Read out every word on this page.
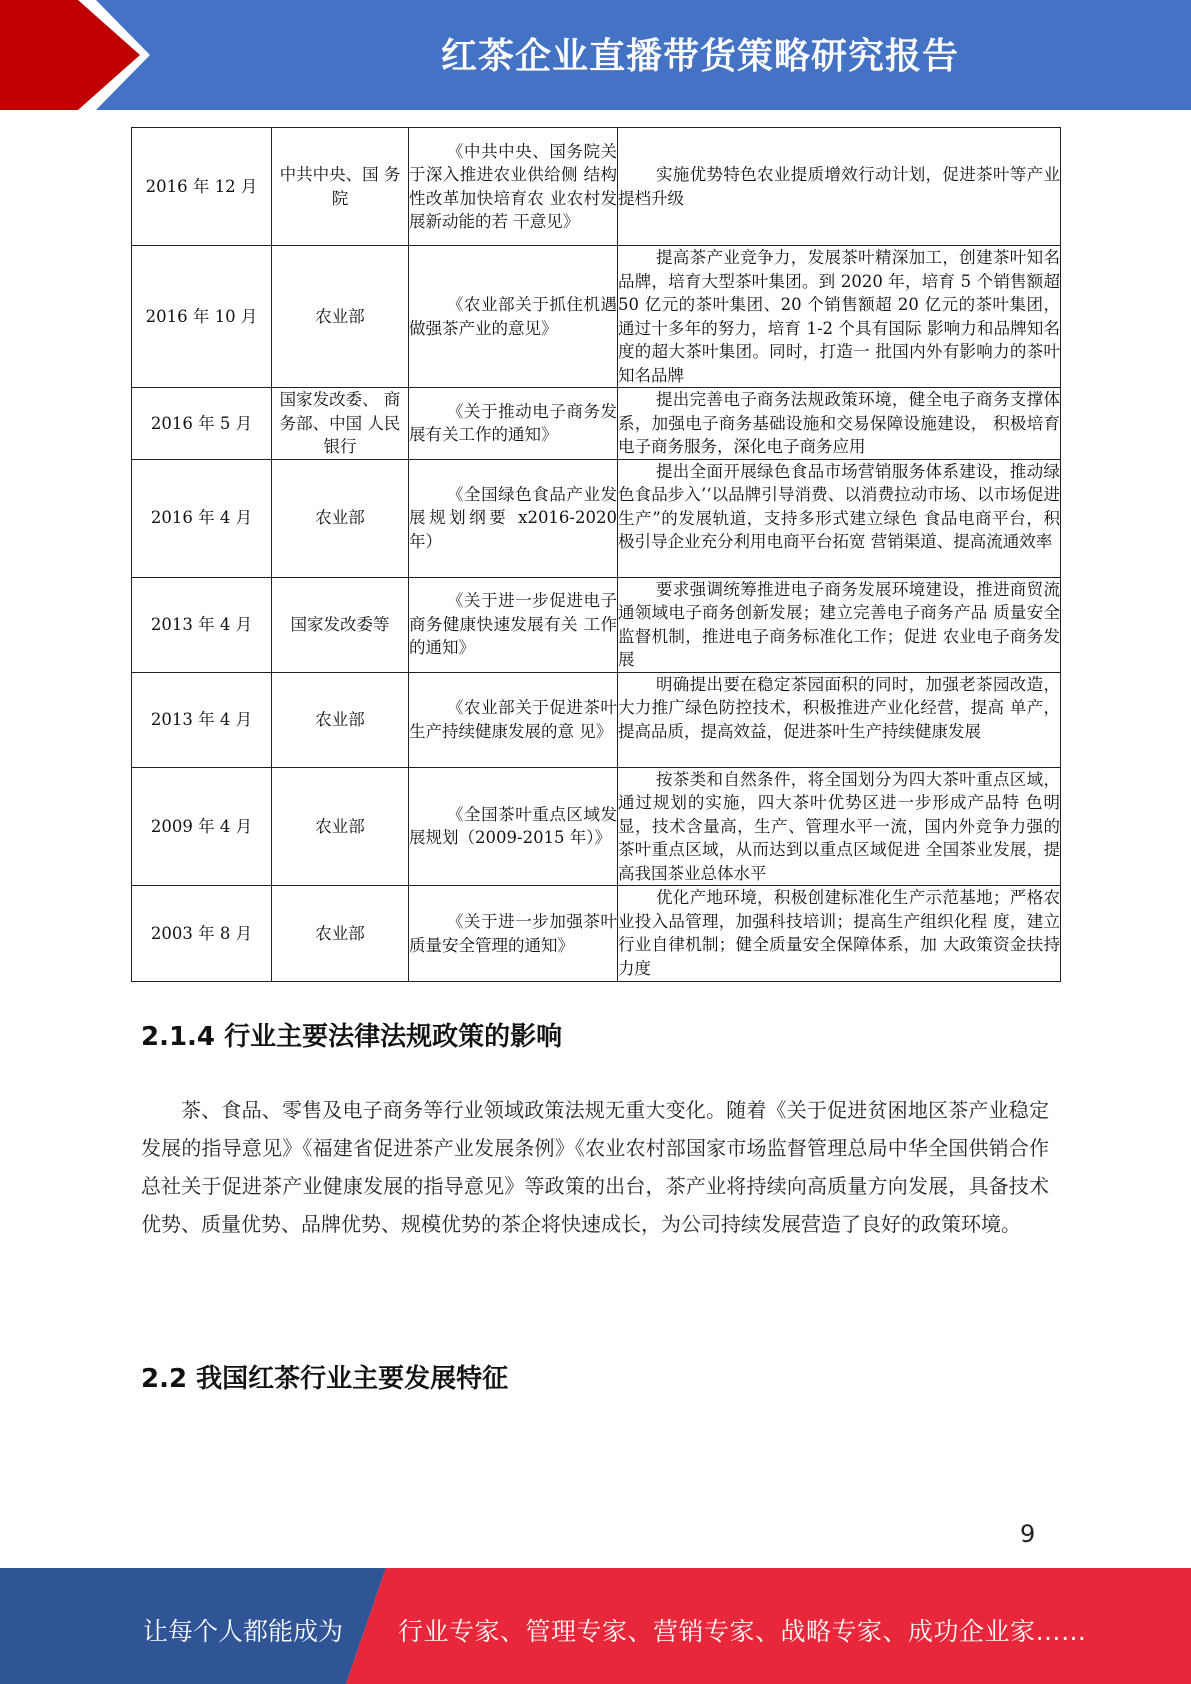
红茶企业直播带货策略研究报告
2016 年 12 月	中共中央、国 务院	《中共中央、国务院关 于深入推进农业供给侧 结构性改革加快培育农 业农村发展新动能的若 干意见》	实施优势特色农业提质增效行动计划，促进茶叶等产业提档升级
2016 年 10 月	农业部	《农业部关于抓住机遇 做强茶产业的意见》	提高茶产业竞争力，发展茶叶精深加工，创建茶叶知名品牌，培育大型茶叶集团。到 2020 年，培育 5 个销售额超 50 亿元的茶叶集团、20 个销售额超 20 亿元的茶叶集团，通过十多年的努力，培育 1-2 个具有国际 影响力和品牌知名度的超大茶叶集团。同时，打造一 批国内外有影响力的茶叶知名品牌
2016 年 5 月	国家发改委、 商务部、中国 人民银行	《关于推动电子商务发 展有关工作的通知》	提出完善电子商务法规政策环境，健全电子商务支撑体系，加强电子商务基础设施和交易保障设施建设， 积极培育电子商务服务，深化电子商务应用
2016 年 4 月	农业部	《全国绿色食品产业发 展规划纲要 x2016-2020 年）	提出全面开展绿色食品市场营销服务体系建设，推动绿色食品步入’‘以品牌引导消费、以消费拉动市场、以市场促进生产”的发展轨道，支持多形式建立绿色 食品电商平台，积极引导企业充分利用电商平台拓宽 营销渠道、提高流通效率
2013 年 4 月	国家发改委等	《关于进一步促进电子 商务健康快速发展有关 工作的通知》	要求强调统筹推进电子商务发展环境建设，推进商贸流通领域电子商务创新发展；建立完善电子商务产品 质量安全监督机制，推进电子商务标准化工作；促进 农业电子商务发展
2013 年 4 月	农业部	《农业部关于促进茶叶 生产持续健康发展的意 见》	明确提出要在稳定茶园面积的同时，加强老茶园改造， 大力推广绿色防控技术，积极推进产业化经营，提高 单产，提高品质，提高效益，促进茶叶生产持续健康发展
2009 年 4 月	农业部	《全国茶叶重点区域发 展规划（2009-2015 年）》	按茶类和自然条件，将全国划分为四大茶叶重点区域， 通过规划的实施，四大茶叶优势区进一步形成产品特 色明显，技术含量高，生产、管理水平一流，国内外竞争力强的茶叶重点区域，从而达到以重点区域促进 全国茶业发展，提高我国茶业总体水平
2003 年 8 月	农业部	《关于进一步加强茶叶 质量安全管理的通知》	优化产地环境，积极创建标准化生产示范基地；严格农业投入品管理，加强科技培训；提高生产组织化程 度，建立行业自律机制；健全质量安全保障体系，加 大政策资金扶持力度
2.1.4 行业主要法律法规政策的影响

茶、食品、零售及电子商务等行业领域政策法规无重大变化。随着《关于促进贫困地区茶产业稳定发展的指导意见》《福建省促进茶产业发展条例》《农业农村部国家市场监督管理总局中华全国供销合作总社关于促进茶产业健康发展的指导意见》等政策的出台，茶产业将持续向高质量方向发展，具备技术优势、质量优势、品牌优势、规模优势的茶企将快速成长，为公司持续发展营造了良好的政策环境。

2.2 我国红茶行业主要发展特征
9
让每个人都能成为 行业专家、管理专家、营销专家、战略专家、成功企业家……
